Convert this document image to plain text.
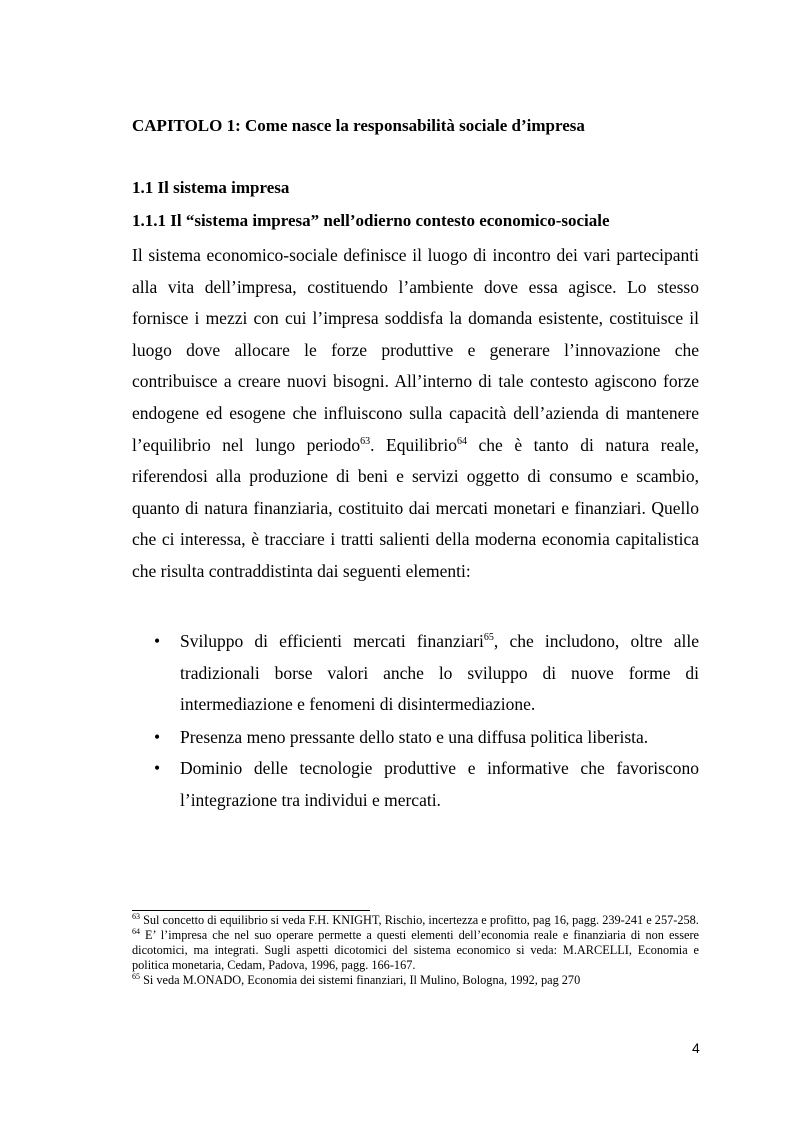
CAPITOLO 1: Come nasce la responsabilità sociale d’impresa
1.1 Il sistema impresa
1.1.1 Il “sistema impresa” nell’odierno contesto economico-sociale

Il sistema economico-sociale definisce il luogo di incontro dei vari partecipanti alla vita dell’impresa, costituendo l’ambiente dove essa agisce. Lo stesso fornisce i mezzi con cui l’impresa soddisfa la domanda esistente, costituisce il luogo dove allocare le forze produttive e generare l’innovazione che contribuisce a creare nuovi bisogni. All’interno di tale contesto agiscono forze endogene ed esogene che influiscono sulla capacità dell’azienda di mantenere l’equilibrio nel lungo periodo$^{63}$. Equilibrio$^{64}$ che è tanto di natura reale, riferendosi alla produzione di beni e servizi oggetto di consumo e scambio, quanto di natura finanziaria, costituito dai mercati monetari e finanziari. Quello che ci interessa, è tracciare i tratti salienti della moderna economia capitalistica che risulta contraddistinta dai seguenti elementi:

• Sviluppo di efficienti mercati finanziari$^{65}$, che includono, oltre alle tradizionali borse valori anche lo sviluppo di nuove forme di intermediazione e fenomeni di disintermediazione.
• Presenza meno pressante dello stato e una diffusa politica liberista.
• Dominio delle tecnologie produttive e informative che favoriscono l’integrazione tra individui e mercati.

$^{63}$ Sul concetto di equilibrio si veda F.H. KNIGHT, Rischio, incertezza e profitto, pag 16, pagg. 239-241 e 257-258.

$^{64}$ E’ l’impresa che nel suo operare permette a questi elementi dell’economia reale e finanziaria di non essere dicotomici, ma integrati. Sugli aspetti dicotomici del sistema economico si veda: M.ARCELLI, Economia e politica monetaria, Cedam, Padova, 1996, pagg. 166-167.

$^{65}$ Si veda M.ONADO, Economia dei sistemi finanziari, Il Mulino, Bologna, 1992, pag 270

4
